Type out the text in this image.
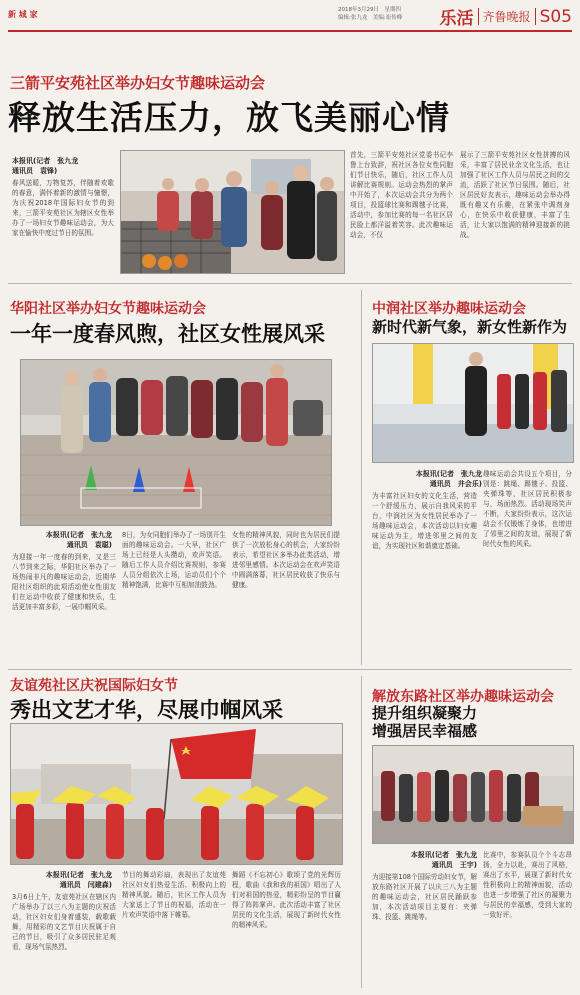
新 城 家	2018年3月29日　星期四
编辑:张九龙　美编:崔传峰 乐活 齐鲁晚报 S05
三箭平安苑社区举办妇女节趣味运动会
释放生活压力，放飞美丽心情
本报讯(记者　张九龙
通讯员　袁锋)
春风送暖，万物复苏，伴随着欢歌的春意，满怀着新的激情与憧憬，为庆祝2018年国际妇女节的到来，三箭平安苑社区为辖区女性举办了一场妇女节趣味运动会，为大家在愉快中度过节日的氛围。
首先，三箭平安苑社区党委书记李鲁上台致辞，祝社区各位女性同胞们节日快乐，随后，社区工作人员讲解比赛规则。运动会热烈的掌声中开始了，本次运动会共分为两个项目，投篮球比赛和踢毽子比赛，活动中，参加比赛的每一名社区居民脸上都洋溢着笑容。此次趣味运动会，不仅
展示了三箭平安苑社区女性拼搏的风采，丰富了居民业余文化生活，也让加强了社区工作人员与居民之间的交流，活跃了社区节日氛围。随后，社区居民好友表示，趣味运动会举办得既有趣又有乐趣，在紧张中调剂身心，在快乐中收获健康，丰富了生活，让大家以饱满的精神迎接新的挑战。
华阳社区举办妇女节趣味运动会
一年一度春风煦，社区女性展风采
本报讯(记者　张九龙
通讯员　袁聪)
为迎接一年一度春的到来，又是三八节到来之际，华阳社区举办了一场热闹非凡的趣味运动会，近期华阳社区组织的此项活动使女性朋友们在运动中收获了健康和快乐，生活更加丰富多彩，一展巾帼风采。
8日，为女同胞们举办了一场别开生面的趣味运动会。一大早，社区广场上已经是人头攒动，欢声笑语。随后工作人员介绍比赛规则，参赛人员分组依次上场，运动员们个个精神饱满，比赛中互相加油鼓劲。
女性的精神风貌，同时也为居民们提供了一次放松身心的机会，大家纷纷表示，希望社区多举办此类活动，增进邻里感情。本次运动会在欢声笑语中圆满落幕，社区居民收获了快乐与健康。
中润社区举办趣味运动会
新时代新气象，新女性新作为
本报讯(记者　张九龙
通讯员　井会乐)
为丰富社区妇女的文化生活，营造一个舒缓压力，展示自我风采的平台，中润社区为女性居民举办了一场趣味运动会，本次活动以妇女趣味运动为主，增进邻里之间的友谊，为实现社区和谐奠定基础。
趣味运动会共设五个项目，分别是：跳绳、踢毽子、投篮、夹弹珠等，社区居民积极参与，场面热烈。活动现场笑声不断，大家纷纷表示，这次运动会不仅锻炼了身体，也增进了邻里之间的友谊，展现了新时代女性的风采。
友谊苑社区庆祝国际妇女节
秀出文艺才华，尽展巾帼风采
本报讯(记者　张九龙
通讯员　闫建森)
3月6日上午，友谊苑社区在辖区内广场举办了以三八为主题的庆祝活动，社区妇女们身着盛装，载歌载舞，用精彩的文艺节目庆祝属于自己的节日，吸引了众多居民驻足观看，现场气氛热烈。
节目的舞动彩扇，表现出了友谊苑社区妇女们热爱生活、积极向上的精神风貌。随后，社区工作人员为大家送上了节日的祝福，活动在一片欢声笑语中落下帷幕。
舞蹈《不忘初心》歌颂了党的光辉历程，歌曲《我和我的祖国》唱出了人们对祖国的热爱，精彩纷呈的节目赢得了阵阵掌声。此次活动丰富了社区居民的文化生活，展现了新时代女性的精神风采。
解放东路社区举办趣味运动会
提升组织凝聚力
增强居民幸福感
本报讯(记者　张九龙
通讯员　王宇)
为迎接第108个国际劳动妇女节，解放东路社区开展了以庆三八为主题的趣味运动会，社区居民踊跃参加，本次活动项目主要有：夹弹珠、投篮、跳绳等。
比赛中，参赛队员个个斗志昂扬，全力以赴，赛出了风格，赛出了水平，展现了新时代女性积极向上的精神面貌，活动也进一步增强了社区的凝聚力与居民的幸福感，受到大家的一致好评。
